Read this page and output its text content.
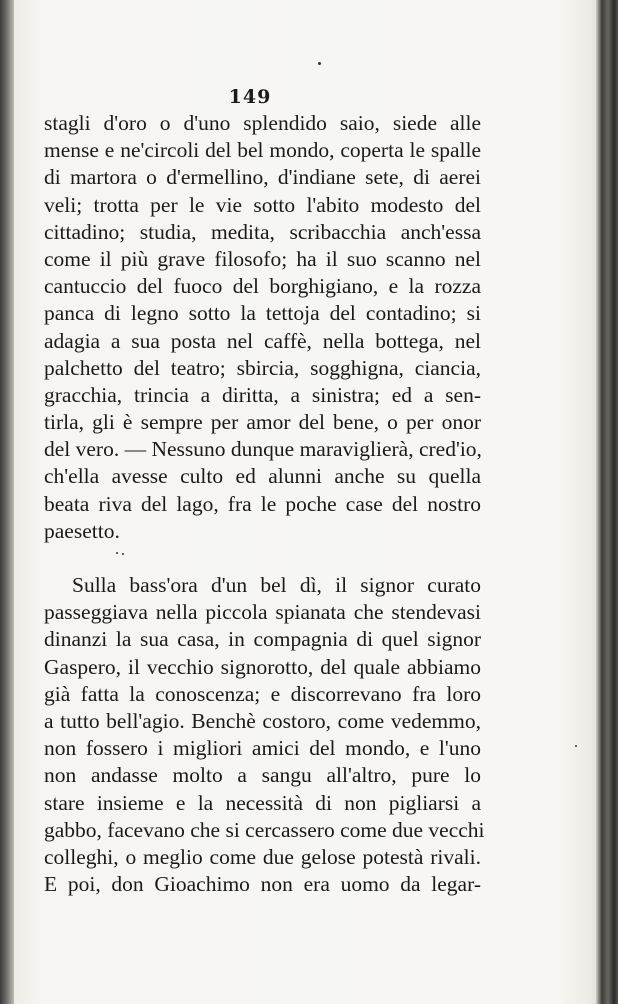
149
stagli d'oro o d'uno splendido saio, siede alle
mense e ne'circoli del bel mondo, coperta le spalle
di martora o d'ermellino, d'indiane sete, di aerei
veli; trotta per le vie sotto l'abito modesto del
cittadino; studia, medita, scribacchia anch'essa
come il più grave filosofo; ha il suo scanno nel
cantuccio del fuoco del borghigiano, e la rozza
panca di legno sotto la tettoja del contadino; si
adagia a sua posta nel caffè, nella bottega, nel
palchetto del teatro; sbircia, sogghigna, ciancia,
gracchia, trincia a diritta, a sinistra; ed a sen-
tirla, gli è sempre per amor del bene, o per onor
del vero. — Nessuno dunque maraviglierà, cred'io,
ch'ella avesse culto ed alunni anche su quella
beata riva del lago, fra le poche case del nostro
paesetto.
Sulla bass'ora d'un bel dì, il signor curato
passeggiava nella piccola spianata che stendevasi
dinanzi la sua casa, in compagnia di quel signor
Gaspero, il vecchio signorotto, del quale abbiamo
già fatta la conoscenza; e discorrevano fra loro
a tutto bell'agio. Benchè costoro, come vedemmo,
non fossero i migliori amici del mondo, e l'uno
non andasse molto a sangu all'altro, pure lo
stare insieme e la necessità di non pigliarsi a
gabbo, facevano che si cercassero come due vecchi
colleghi, o meglio come due gelose potestà rivali.
E poi, don Gioachimo non era uomo da legar-
